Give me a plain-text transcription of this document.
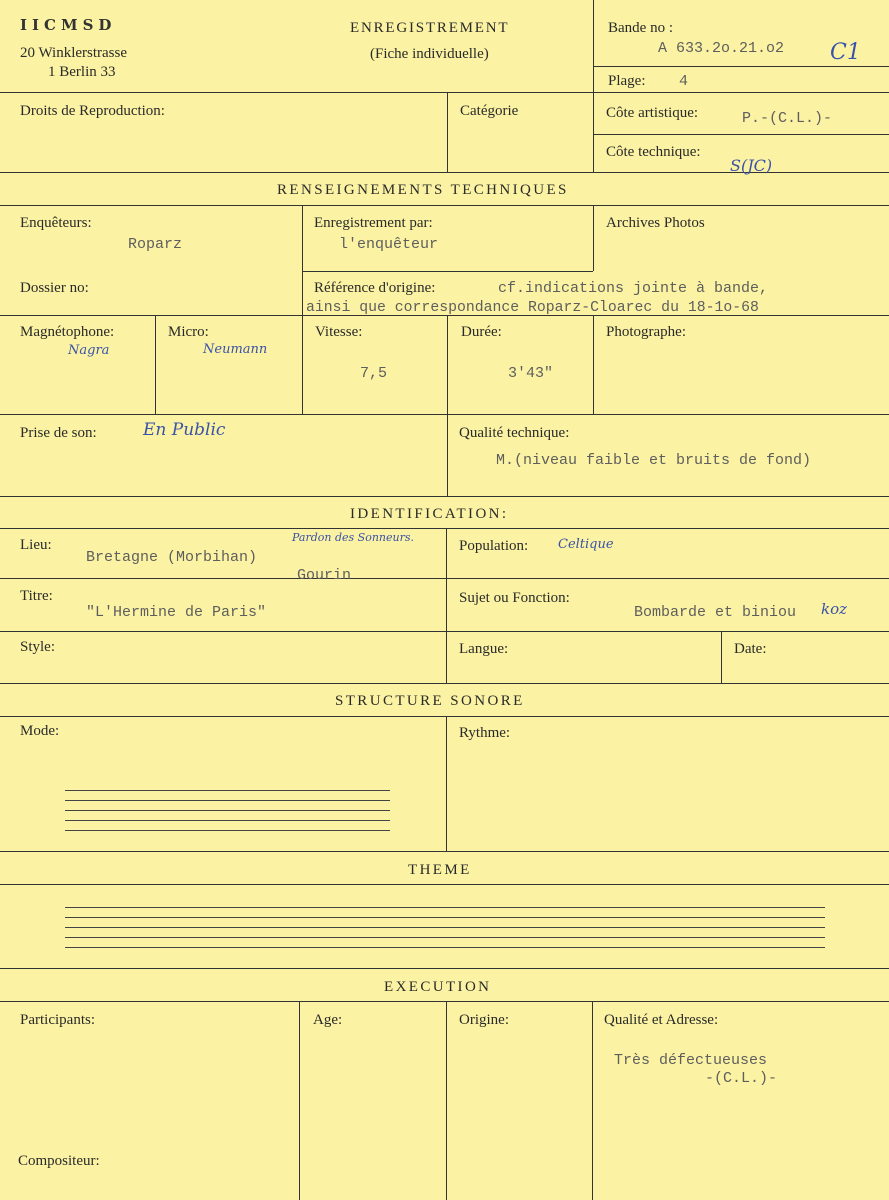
IICMSD
20 Winklerstrasse
1 Berlin 33
ENREGISTREMENT
(Fiche individuelle)
Bande no :
A 633.2o.21.o2 C1
Plage: 4
Droits de Reproduction:	Catégorie	Côte artistique:	P.-(C.L.)-
Côte technique:
S(JC)
RENSEIGNEMENTS TECHNIQUES
Enquêteurs:
Roparz
Enregistrement par:
l'enquêteur
Archives Photos
Dossier no:	Référence d'origine:	cf.indications jointe à bande,
ainsi que correspondance Roparz-Cloarec du 18-1o-68
Magnétophone:
Nagra
Micro:
Neumann
Vitesse:
7,5
Durée:
3'43"
Photographe:
Prise de son:	En Public	Qualité technique:
M.(niveau faible et bruits de fond)
IDENTIFICATION:
Lieu:
Bretagne (Morbihan)
Pardon des Sonneurs.
Gourin
Population: Celtique
Titre:
"L'Hermine de Paris"
Sujet ou Fonction:
Bombarde et biniou koz
Style:	Langue:	Date:
STRUCTURE SONORE
Mode:	Rythme:
THEME
EXECUTION
Participants:	Age:	Origine:	Qualité et Adresse:
Très défectueuses
-(C.L.)-
Compositeur:
